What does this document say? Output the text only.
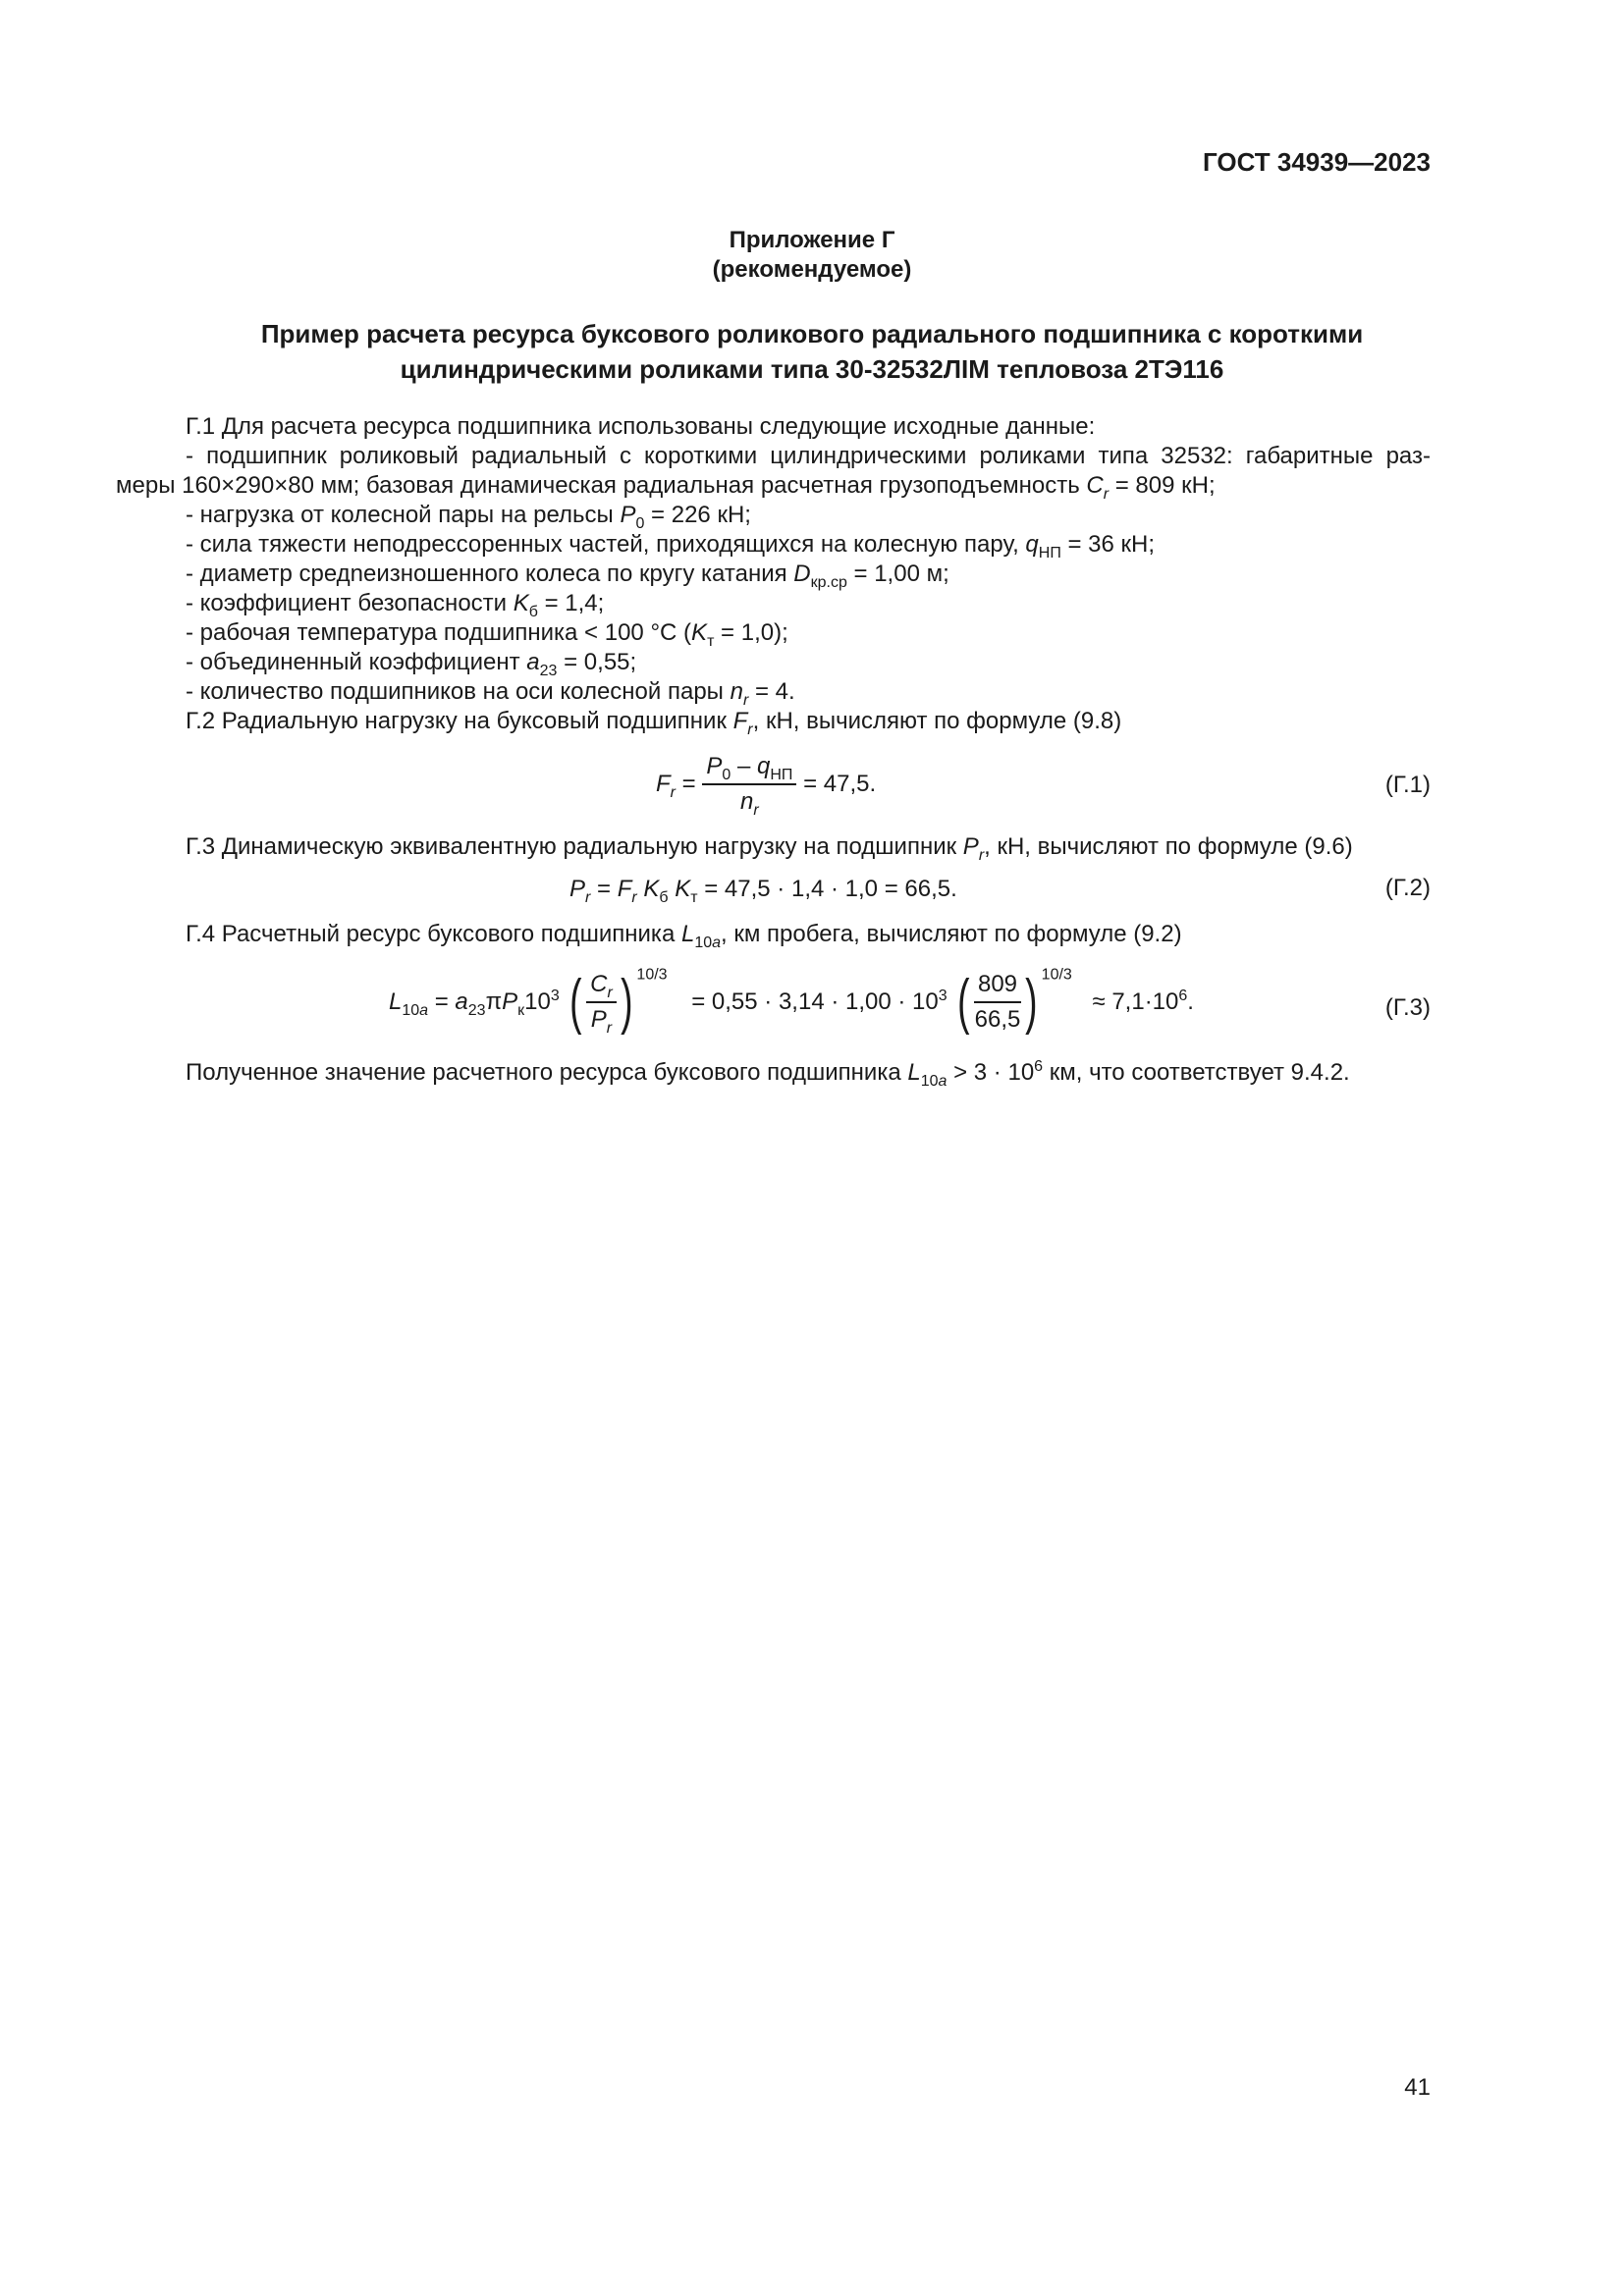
ГОСТ 34939—2023
Приложение Г
(рекомендуемое)
Пример расчета ресурса буксового роликового радиального подшипника с короткими
цилиндрическими роликами типа 30-32532ЛIM тепловоза 2ТЭ116
Г.1 Для расчета ресурса подшипника использованы следующие исходные данные:
- подшипник роликовый радиальный с короткими цилиндрическими роликами типа 32532: габаритные раз-
меры 160×290×80 мм; базовая динамическая радиальная расчетная грузоподъемность $C_r = 809$ кН;
- нагрузка от колесной пары на рельсы $P_0 = 226$ кН;
- сила тяжести неподрессоренных частей, приходящихся на колесную пару, $q_{НП} = 36$ кН;
- диаметр средneизношенного колеса по кругу катания $D_{кр.ср} = 1,00$ м;
- коэффициент безопасности $K_б = 1,4$;
- рабочая температура подшипника < 100 °C $(K_т = 1,0)$;
- объединенный коэффициент $a_{23} = 0,55$;
- количество подшипников на оси колесной пары $n_r = 4$.
Г.2 Радиальную нагрузку на буксовый подшипник $F_r$, кН, вычисляют по формуле (9.8)
$F_r = \frac{P_0 - q_{НП}}{n_r} = 47,5$.	(Г.1)
Г.3 Динамическую эквивалентную радиальную нагрузку на подшипник $P_r$, кН, вычисляют по формуле (9.6)
$P_r = F_r$ $K_б$ $K_т = 47,5 \cdot 1,4 \cdot 1,0 = 66,5$.	(Г.2)
Г.4 Расчетный ресурс буксового подшипника $L_{10a}$, км пробега, вычисляют по формуле (9.2)
$L_{10a} = a_{23}\pi P_к10^3$ ( $\frac{C_r}{P_r}$ ) $^{10/3} = 0,55 \cdot 3,14 \cdot 1,00 \cdot 10^3$ ( $\frac{809}{66,5}$ ) $^{10/3} \approx 7,1\cdot 10^6$.	(Г.3)
Полученное значение расчетного ресурса буксового подшипника $L_{10a} > 3 \cdot 10^6$ км, что соответствует 9.4.2.
41
